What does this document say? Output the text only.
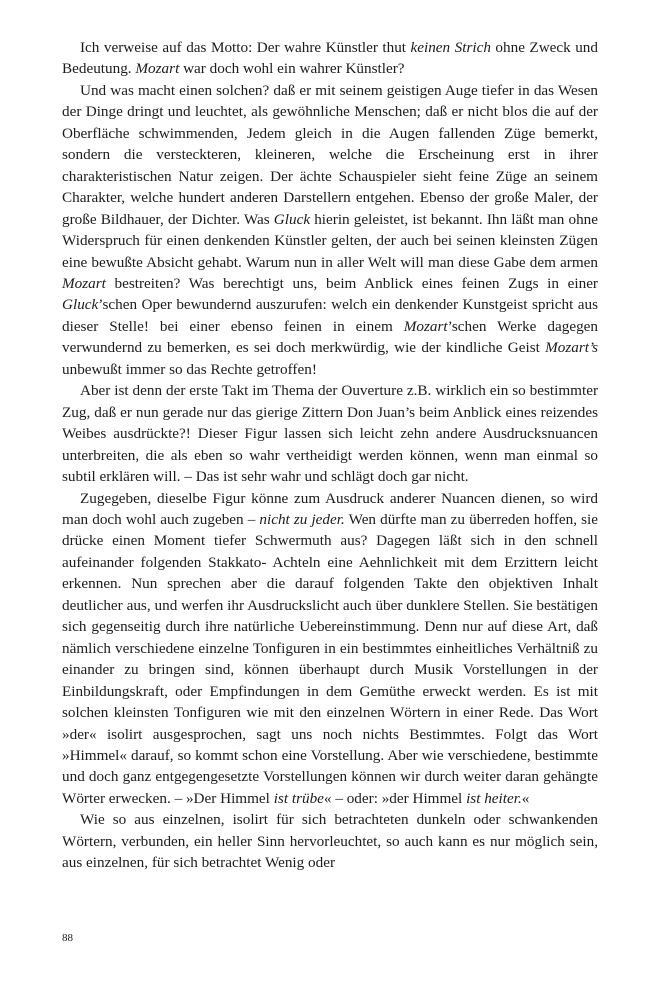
Ich verweise auf das Motto: Der wahre Künstler thut keinen Strich ohne Zweck und Bedeutung. Mozart war doch wohl ein wahrer Künstler?

Und was macht einen solchen? daß er mit seinem geistigen Auge tiefer in das Wesen der Dinge dringt und leuchtet, als gewöhnliche Menschen; daß er nicht blos die auf der Oberfläche schwimmenden, Jedem gleich in die Augen fallenden Züge bemerkt, sondern die versteckteren, kleineren, welche die Erscheinung erst in ihrer charakteristischen Natur zeigen. Der ächte Schauspieler sieht feine Züge an seinem Charakter, welche hundert anderen Darstellern entgehen. Ebenso der große Maler, der große Bildhauer, der Dichter. Was Gluck hierin geleistet, ist bekannt. Ihn läßt man ohne Widerspruch für einen denkenden Künstler gelten, der auch bei seinen kleinsten Zügen eine bewußte Absicht gehabt. Warum nun in aller Welt will man diese Gabe dem armen Mozart bestreiten? Was berechtigt uns, beim Anblick eines feinen Zugs in einer Gluck’schen Oper bewundernd auszurufen: welch ein denkender Kunstgeist spricht aus dieser Stelle! bei einer ebenso feinen in einem Mozart’schen Werke dagegen verwundernd zu bemerken, es sei doch merkwürdig, wie der kindliche Geist Mozart’s unbewußt immer so das Rechte getroffen!

Aber ist denn der erste Takt im Thema der Ouverture z.B. wirklich ein so bestimmter Zug, daß er nun gerade nur das gierige Zittern Don Juan’s beim Anblick eines reizendes Weibes ausdrückte?! Dieser Figur lassen sich leicht zehn andere Ausdrucksnuancen unterbreiten, die als eben so wahr vertheidigt werden können, wenn man einmal so subtil erklären will. – Das ist sehr wahr und schlägt doch gar nicht.

Zugegeben, dieselbe Figur könne zum Ausdruck anderer Nuancen dienen, so wird man doch wohl auch zugeben – nicht zu jeder. Wen dürfte man zu überreden hoffen, sie drücke einen Moment tiefer Schwermuth aus? Dagegen läßt sich in den schnell aufeinander folgenden Stakkato- Achteln eine Aehnlichkeit mit dem Erzittern leicht erkennen. Nun sprechen aber die darauf folgenden Takte den objektiven Inhalt deutlicher aus, und werfen ihr Ausdruckslicht auch über dunklere Stellen. Sie bestätigen sich gegenseitig durch ihre natürliche Uebereinstimmung. Denn nur auf diese Art, daß nämlich verschiedene einzelne Tonfiguren in ein bestimmtes einheitliches Verhältniß zu einander zu bringen sind, können überhaupt durch Musik Vorstellungen in der Einbildungskraft, oder Empfindungen in dem Gemüthe erweckt werden. Es ist mit solchen kleinsten Tonfiguren wie mit den einzelnen Wörtern in einer Rede. Das Wort »der« isolirt ausgesprochen, sagt uns noch nichts Bestimmtes. Folgt das Wort »Himmel« darauf, so kommt schon eine Vorstellung. Aber wie verschiedene, bestimmte und doch ganz entgegengesetzte Vorstellungen können wir durch weiter daran gehängte Wörter erwecken. – »Der Himmel ist trübe« – oder: »der Himmel ist heiter.«

Wie so aus einzelnen, isolirt für sich betrachteten dunkeln oder schwankenden Wörtern, verbunden, ein heller Sinn hervorleuchtet, so auch kann es nur möglich sein, aus einzelnen, für sich betrachtet Wenig oder

88
